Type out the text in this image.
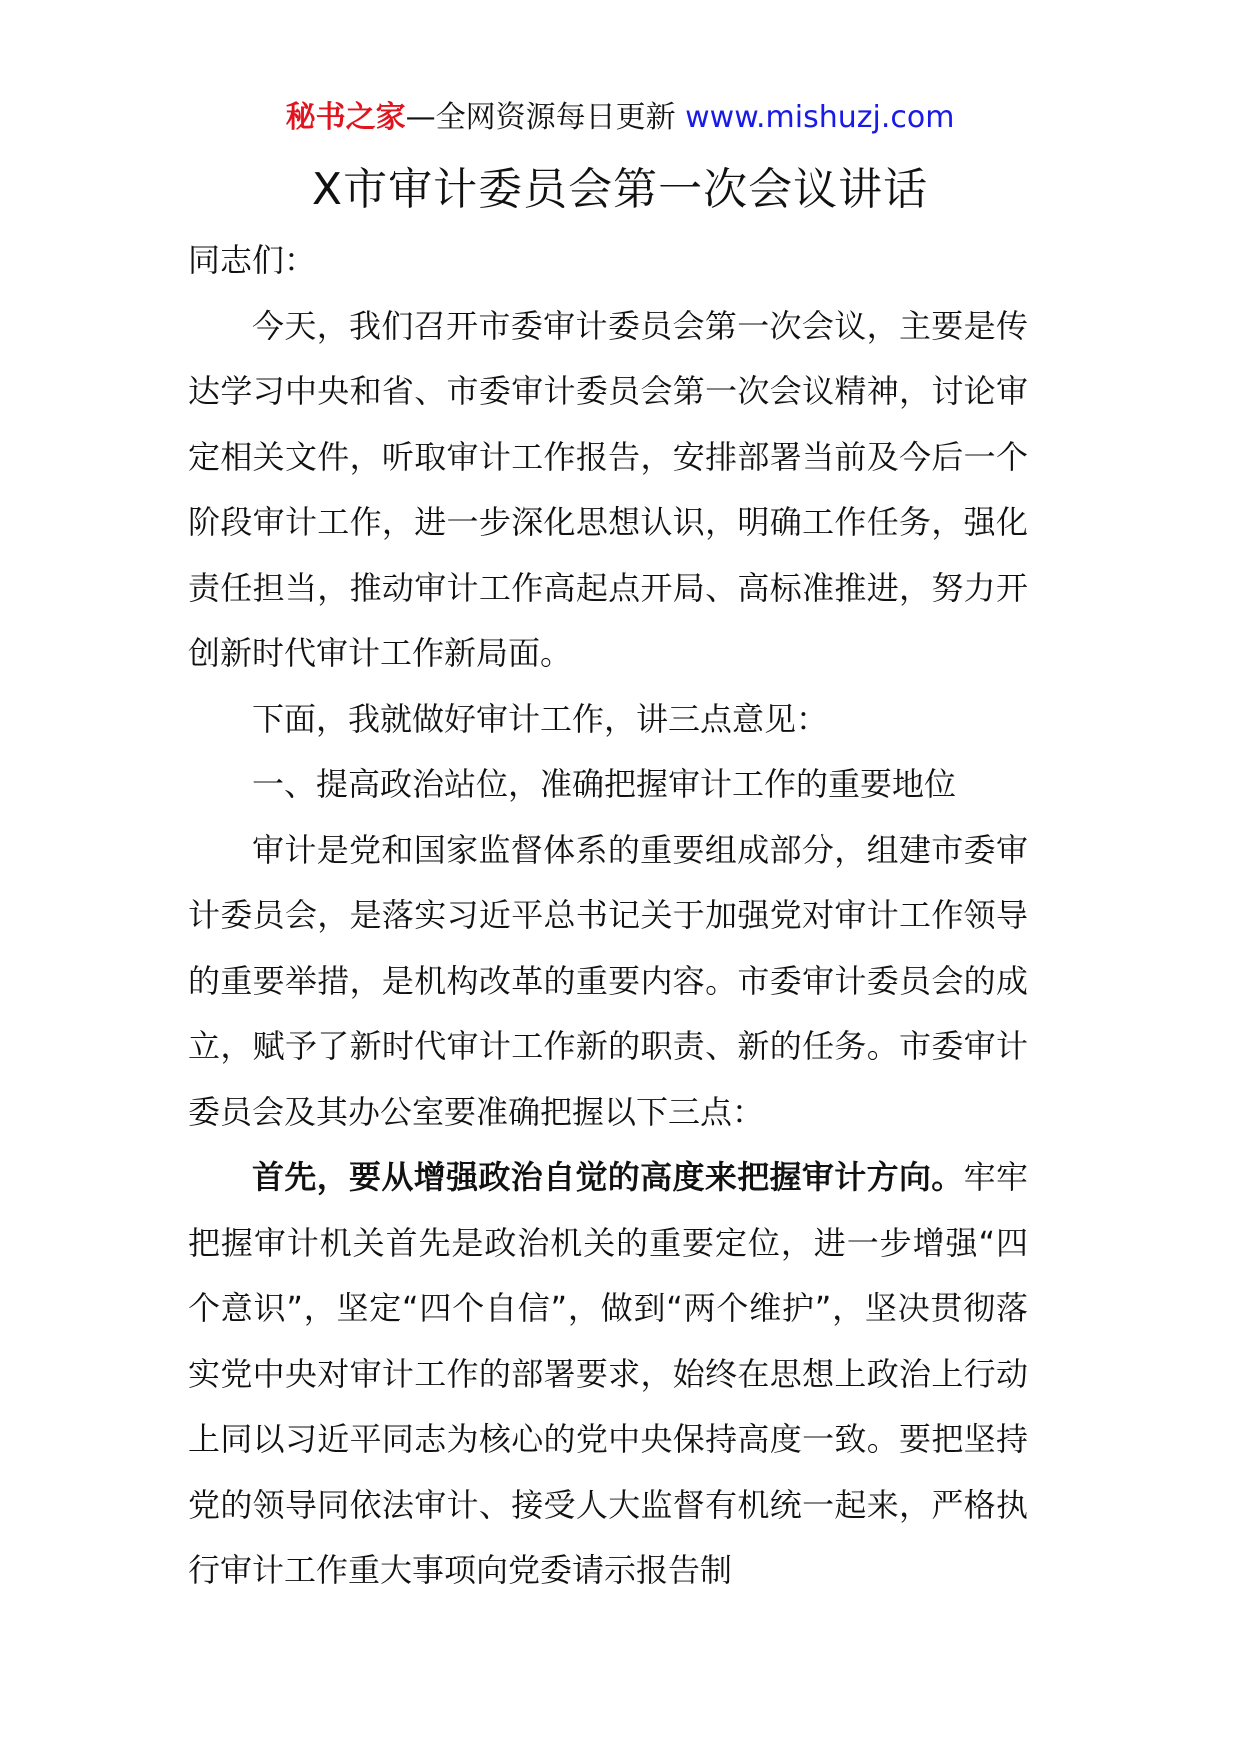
秘书之家—全网资源每日更新 www.mishuzj.com
X市审计委员会第一次会议讲话

同志们：

今天，我们召开市委审计委员会第一次会议，主要是传达学习中央和省、市委审计委员会第一次会议精神，讨论审定相关文件，听取审计工作报告，安排部署当前及今后一个阶段审计工作，进一步深化思想认识，明确工作任务，强化责任担当，推动审计工作高起点开局、高标准推进，努力开创新时代审计工作新局面。

下面，我就做好审计工作，讲三点意见：

一、提高政治站位，准确把握审计工作的重要地位

审计是党和国家监督体系的重要组成部分，组建市委审计委员会，是落实习近平总书记关于加强党对审计工作领导的重要举措，是机构改革的重要内容。市委审计委员会的成立，赋予了新时代审计工作新的职责、新的任务。市委审计委员会及其办公室要准确把握以下三点：

首先，要从增强政治自觉的高度来把握审计方向。牢牢把握审计机关首先是政治机关的重要定位，进一步增强“四个意识”，坚定“四个自信”，做到“两个维护”，坚决贯彻落实党中央对审计工作的部署要求，始终在思想上政治上行动上同以习近平同志为核心的党中央保持高度一致。要把坚持党的领导同依法审计、接受人大监督有机统一起来，严格执行审计工作重大事项向党委请示报告制
